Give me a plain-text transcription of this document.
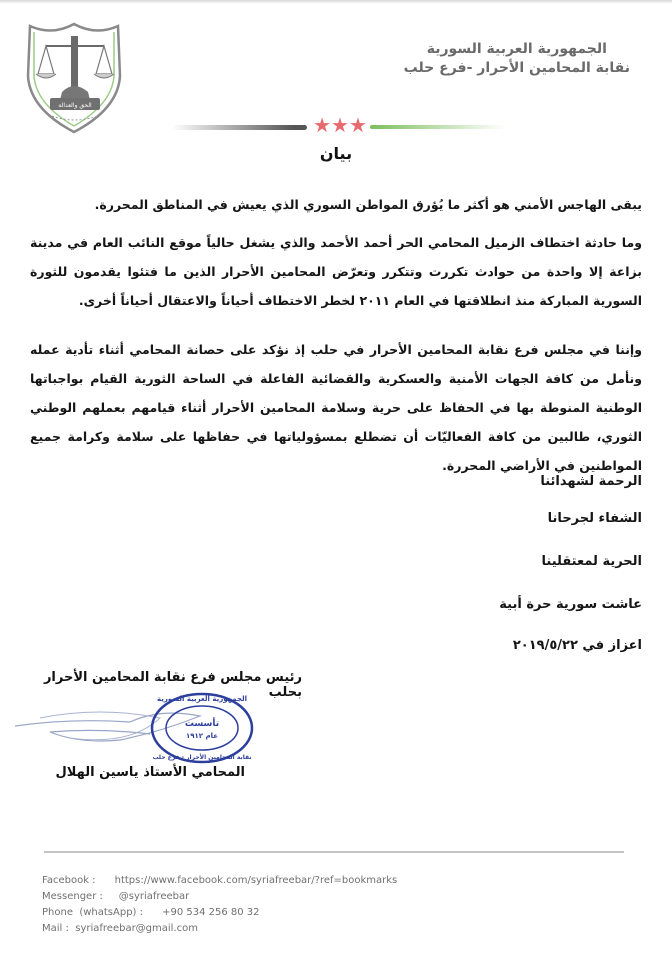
الحق والعدالة
الجمهورية العربية السورية
نقابة المحامين الأحرار -فرع حلب
★★★
بيان
يبقى الهاجس الأمني هو أكثر ما يُؤرق المواطن السوري الذي يعيش في المناطق المحررة.
وما حادثة اختطاف الزميل المحامي الحر أحمد الأحمد والذي يشغل حالياً موقع النائب العام في مدينة بزاعة إلا واحدة من حوادث تكررت وتتكرر وتعرّض المحامين الأحرار الذين ما فتئوا يقدمون للثورة السورية المباركة منذ انطلاقتها في العام ٢٠١١ لخطر الاختطاف أحياناً والاعتقال أحياناً أخرى.
وإننا في مجلس فرع نقابة المحامين الأحرار في حلب إذ نؤكد على حصانة المحامي أثناء تأدية عمله ونأمل من كافة الجهات الأمنية والعسكرية والقضائية الفاعلة في الساحة الثورية القيام بواجباتها الوطنية المنوطة بها في الحفاظ على حرية وسلامة المحامين الأحرار أثناء قيامهم بعملهم الوطني الثوري، طالبين من كافة الفعاليّات أن تضطلع بمسؤولياتها في حفاظها على سلامة وكرامة جميع المواطنين في الأراضي المحررة.
الرحمة لشهدائنا
الشفاء لجرحانا
الحرية لمعتقلينا
عاشت سورية حرة أبية
اعزاز في ٢٠١٩/٥/٢٢
رئيس مجلس فرع نقابة المحامين الأحرار بحلب
الجمهورية العربية السورية
تأسست
عام ١٩١٢
نقابة المحامين الأحرار - فرع حلب
المحامي الأستاذ ياسين الهلال
Facebook : https://www.facebook.com/syriafreebar/?ref=bookmarks
Messenger : @syriafreebar
Phone  (whatsApp) : +90 534 256 80 32
Mail : syriafreebar@gmail.com
